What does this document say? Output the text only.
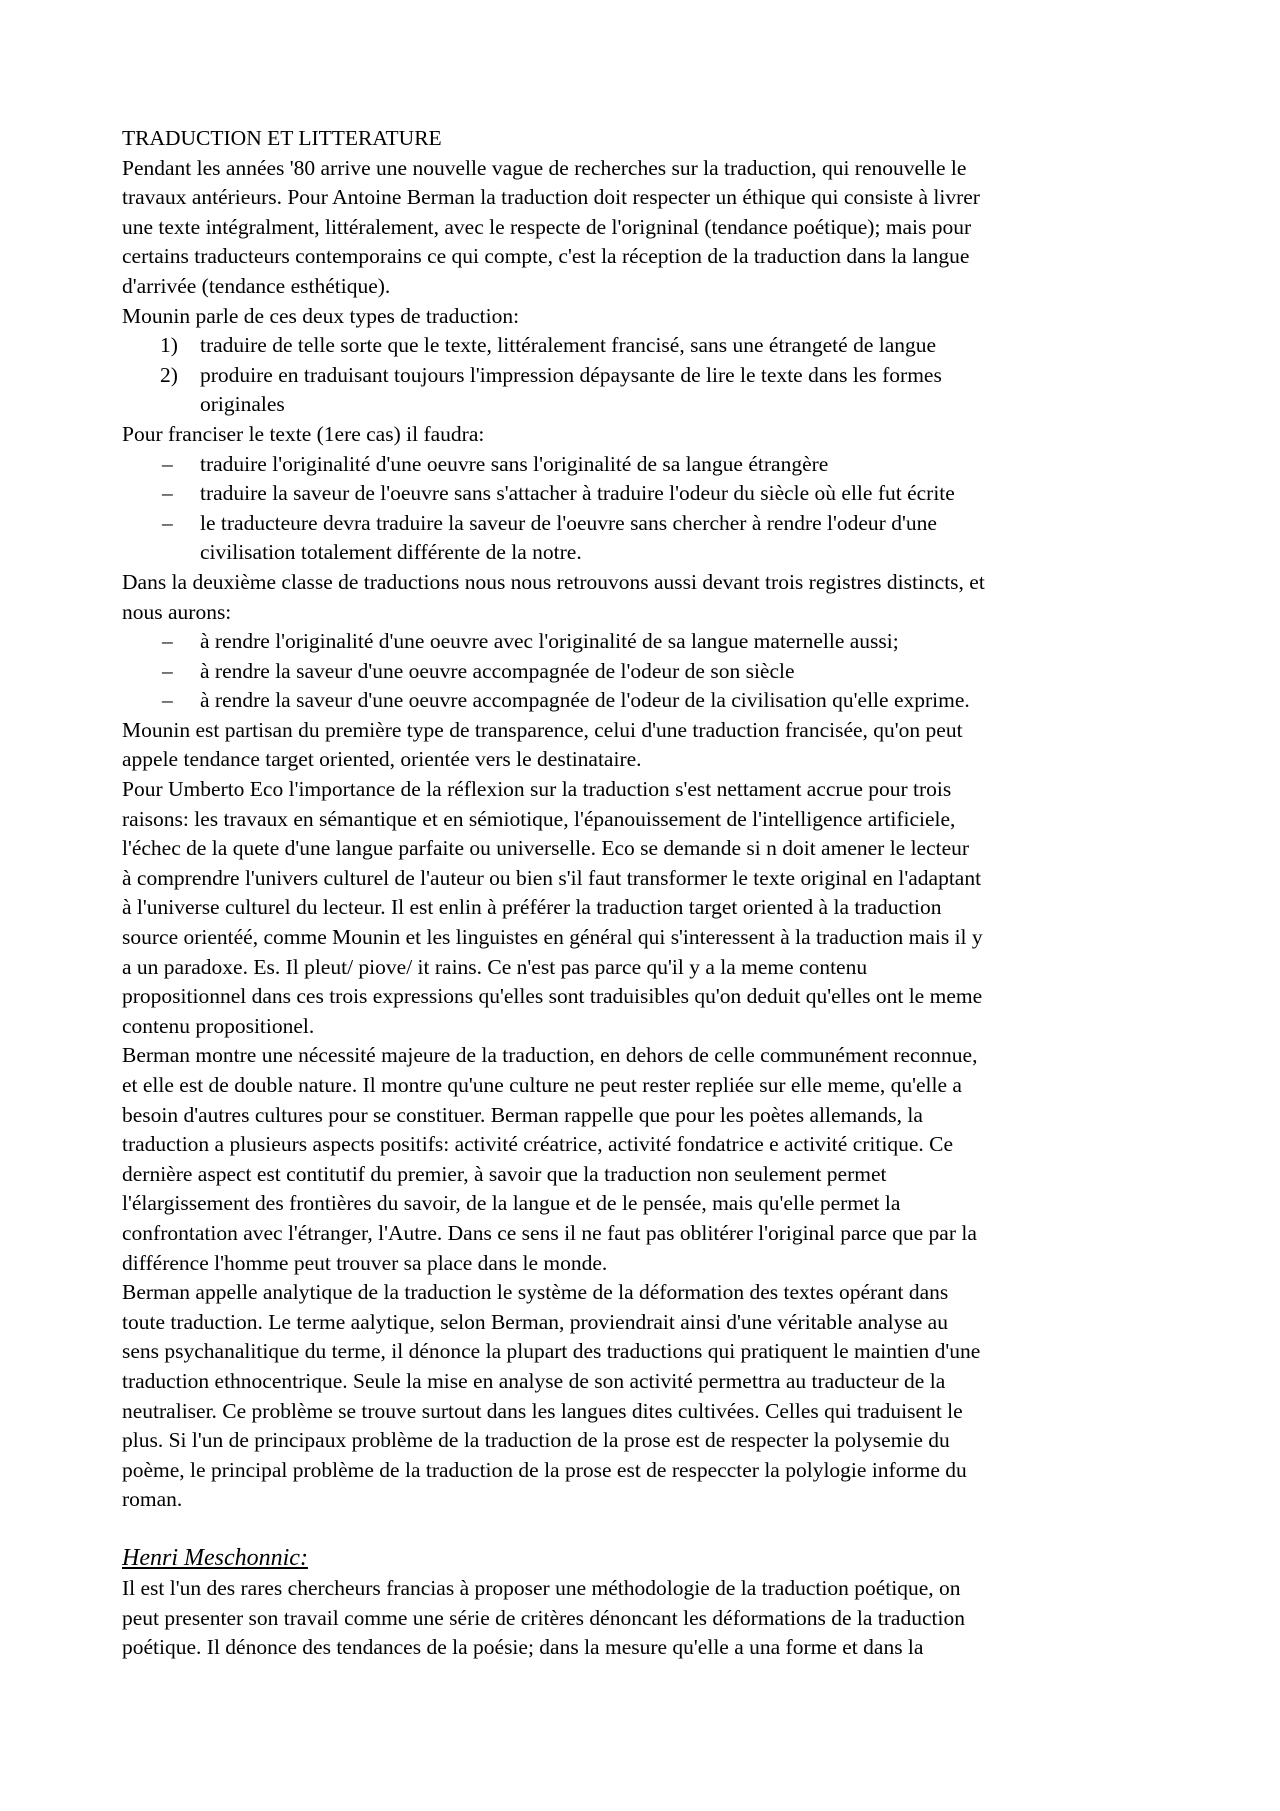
TRADUCTION ET LITTERATURE
Pendant les années '80 arrive une nouvelle vague de recherches sur la traduction, qui renouvelle le
travaux antérieurs. Pour Antoine Berman la traduction doit respecter un éthique qui consiste à livrer
une texte intégralment, littéralement, avec le respecte de l'origninal (tendance poétique); mais pour
certains traducteurs contemporains ce qui compte, c'est la réception de la traduction dans la langue
d'arrivée (tendance esthétique).
Mounin parle de ces deux types de traduction:
1) traduire de telle sorte que le texte, littéralement francisé, sans une étrangeté de langue
2) produire en traduisant toujours l'impression dépaysante de lire le texte dans les formes
originales
Pour franciser le texte (1ere cas) il faudra:
– traduire l'originalité d'une oeuvre sans l'originalité de sa langue étrangère
– traduire la saveur de l'oeuvre sans s'attacher à traduire l'odeur du siècle où elle fut écrite
– le traducteure devra traduire la saveur de l'oeuvre sans chercher à rendre l'odeur d'une
civilisation totalement différente de la notre.
Dans la deuxième classe de traductions nous nous retrouvons aussi devant trois registres distincts, et
nous aurons:
– à rendre l'originalité d'une oeuvre avec l'originalité de sa langue maternelle aussi;
– à rendre la saveur d'une oeuvre accompagnée de l'odeur de son siècle
– à rendre la saveur d'une oeuvre accompagnée de l'odeur de la civilisation qu'elle exprime.
Mounin est partisan du première type de transparence, celui d'une traduction francisée, qu'on peut
appele tendance target oriented, orientée vers le destinataire.
Pour Umberto Eco l'importance de la réflexion sur la traduction s'est nettament accrue pour trois
raisons: les travaux en sémantique et en sémiotique, l'épanouissement de l'intelligence artificiele,
l'échec de la quete d'une langue parfaite ou universelle. Eco se demande si n doit amener le lecteur
à comprendre l'univers culturel de l'auteur ou bien s'il faut transformer le texte original en l'adaptant
à l'universe culturel du lecteur. Il est enlin à préférer la traduction target oriented à la traduction
source orientéé, comme Mounin et les linguistes en général qui s'interessent à la traduction mais il y
a un paradoxe. Es. Il pleut/ piove/ it rains. Ce n'est pas parce qu'il y a la meme contenu
propositionnel dans ces trois expressions qu'elles sont traduisibles qu'on deduit qu'elles ont le meme
contenu propositionel.
Berman montre une nécessité majeure de la traduction, en dehors de celle communément reconnue,
et elle est de double nature. Il montre qu'une culture ne peut rester repliée sur elle meme, qu'elle a
besoin d'autres cultures pour se constituer. Berman rappelle que pour les poètes allemands, la
traduction a plusieurs aspects positifs: activité créatrice, activité fondatrice e activité critique. Ce
dernière aspect est contitutif du premier, à savoir que la traduction non seulement permet
l'élargissement des frontières du savoir, de la langue et de le pensée, mais qu'elle permet la
confrontation avec l'étranger, l'Autre. Dans ce sens il ne faut pas oblitérer l'original parce que par la
différence l'homme peut trouver sa place dans le monde.
Berman appelle analytique de la traduction le système de la déformation des textes opérant dans
toute traduction. Le terme aalytique, selon Berman, proviendrait ainsi d'une véritable analyse au
sens psychanalitique du terme, il dénonce la plupart des traductions qui pratiquent le maintien d'une
traduction ethnocentrique. Seule la mise en analyse de son activité permettra au traducteur de la
neutraliser. Ce problème se trouve surtout dans les langues dites cultivées. Celles qui traduisent le
plus. Si l'un de principaux problème de la traduction de la prose est de respecter la polysemie du
poème, le principal problème de la traduction de la prose est de respeccter la polylogie informe du
roman.
Henri Meschonnic:
Il est l'un des rares chercheurs francias à proposer une méthodologie de la traduction poétique, on
peut presenter son travail comme une série de critères dénoncant les déformations de la traduction
poétique. Il dénonce des tendances de la poésie; dans la mesure qu'elle a una forme et dans la
